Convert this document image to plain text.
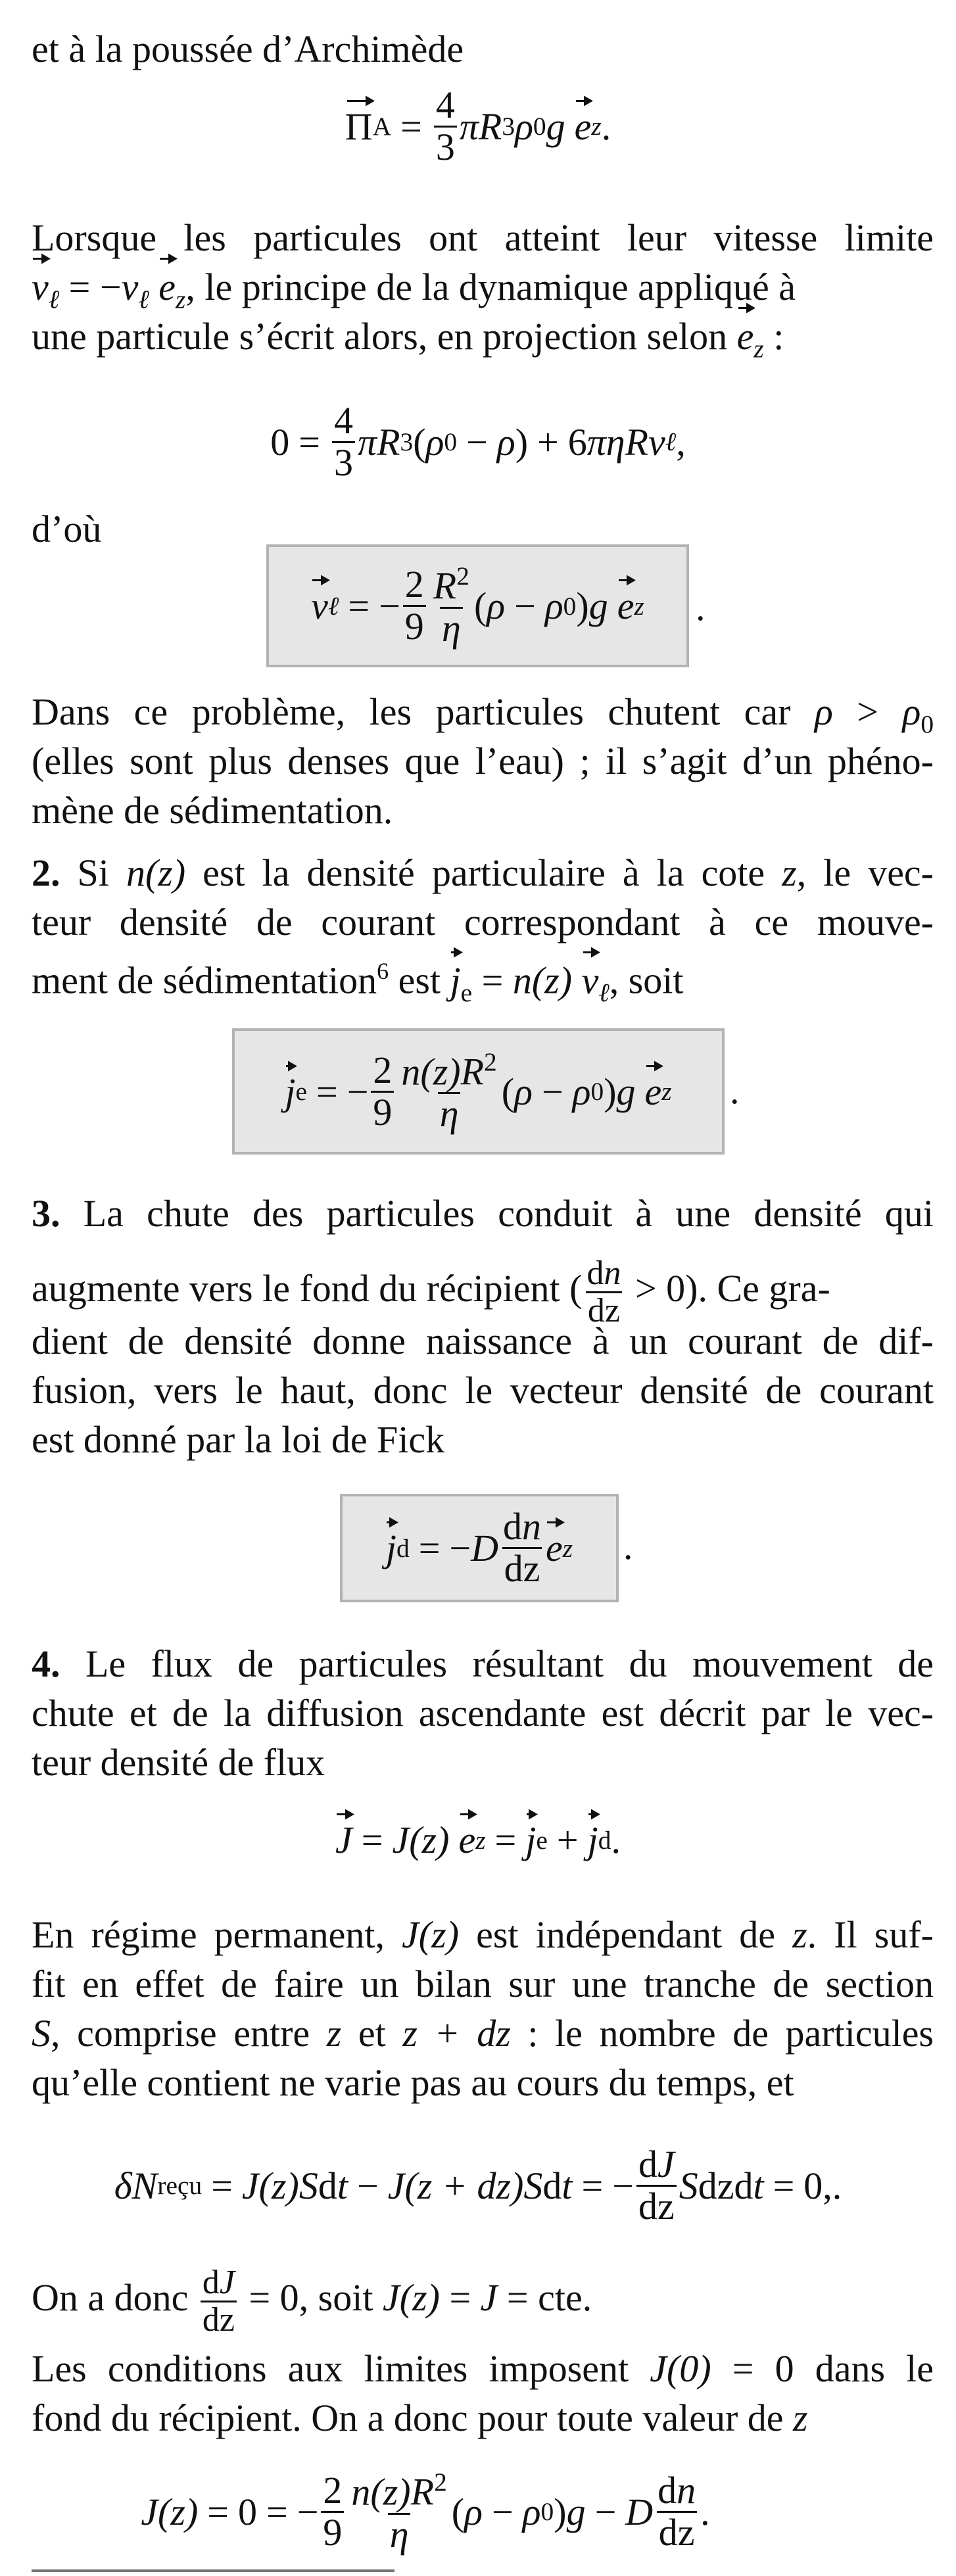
et à la poussée d’Archimède
Π $A = \frac{4}{3}$ π R 3 ρ 0 g e z .
Lorsque les particules ont atteint leur vitesse limite
$v_\ell = -v_\ell$ $e_z$, le principe de la dynamique appliqué à
une particule s’écrit alors, en projection selon $e_z$ :
$0 = \frac{4}{3}$ π R 3 ( ρ 0 − ρ ) + 6 π η R v ℓ ,
d’où
v ℓ = − $\frac{2}{9} \frac{R^2}{\eta}$ ( ρ − ρ 0 ) g e z .
Dans ce problème, les particules chutent car $\rho > \rho_0$
(elles sont plus denses que l’eau) ; il s’agit d’un phéno-
mène de sédimentation.
2. Si n(z) est la densité particulaire à la cote z, le vec-
teur densité de courant correspondant à ce mouve-
ment de sédimentation$^6$ est $j_e = n(z)$ $v_\ell$, soit
j e = − $\frac{2}{9} \frac{n(z)R^2}{\eta}$ ( ρ − ρ 0 ) g e z .
3. La chute des particules conduit à une densité qui
augmente vers le fond du récipient ( $\frac{dn}{dz} > 0$). Ce gra-
dient de densité donne naissance à un courant de dif-
fusion, vers le haut, donc le vecteur densité de courant
est donné par la loi de Fick
j d = − D $\frac{dn}{dz}$ e z .
4. Le flux de particules résultant du mouvement de
chute et de la diffusion ascendante est décrit par le vec-
teur densité de flux
J = J(z) e z = j e + j d .
En régime permanent, J(z) est indépendant de z. Il suf-
fit en effet de faire un bilan sur une tranche de section
S, comprise entre z et z + dz : le nombre de particules
qu’elle contient ne varie pas au cours du temps, et
δ N reçu = J(z) S d t − J( z + dz ) S d t = − $\frac{dJ}{dz}$ S dz d t = 0, .
On a donc $\frac{dJ}{dz} = 0$, soit J(z) = J = cte.
Les conditions aux limites imposent J(0) = 0 dans le
fond du récipient. On a donc pour toute valeur de z
J(z) = 0 = − $\frac{2}{9} \frac{n(z)R^2}{\eta}$ ( ρ − ρ 0 ) g − D $\frac{dn}{dz}$ .
